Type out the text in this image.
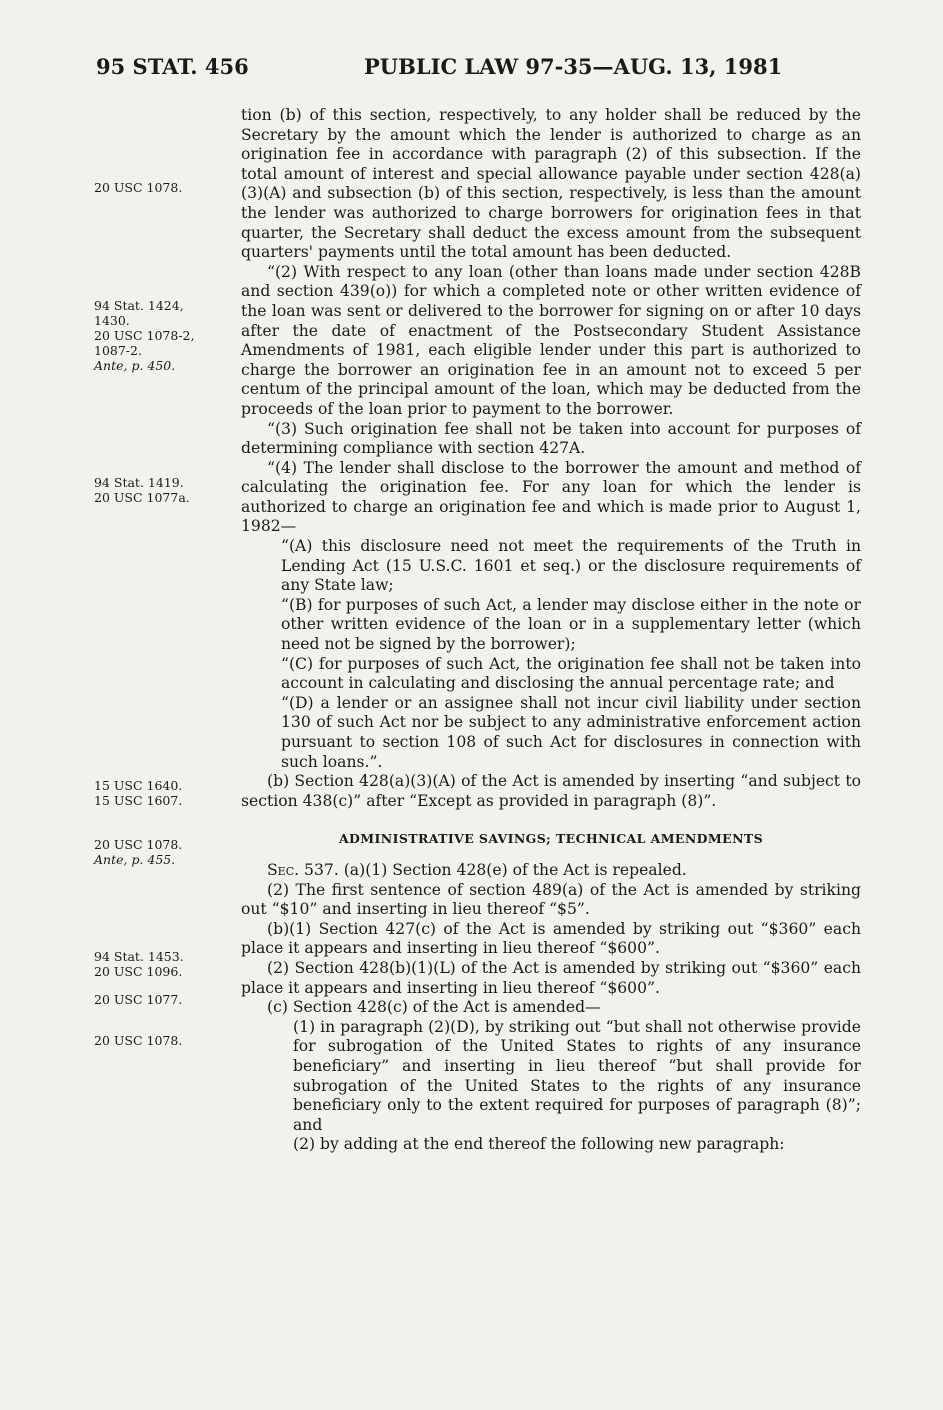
95 STAT. 456	PUBLIC LAW 97-35—AUG. 13, 1981
20 USC 1078.
94 Stat. 1424,
1430.
20 USC 1078-2,
1087-2.
Ante, p. 450.
94 Stat. 1419.
20 USC 1077a.
15 USC 1640.
15 USC 1607.
20 USC 1078.
Ante, p. 455.
94 Stat. 1453.
20 USC 1096.
20 USC 1077.
20 USC 1078.

tion (b) of this section, respectively, to any holder shall be reduced by the Secretary by the amount which the lender is authorized to charge as an origination fee in accordance with paragraph (2) of this subsection. If the total amount of interest and special allowance payable under section 428(a)(3)(A) and subsection (b) of this section, respectively, is less than the amount the lender was authorized to charge borrowers for origination fees in that quarter, the Secretary shall deduct the excess amount from the subsequent quarters' payments until the total amount has been deducted.

“(2) With respect to any loan (other than loans made under section 428B and section 439(o)) for which a completed note or other written evidence of the loan was sent or delivered to the borrower for signing on or after 10 days after the date of enactment of the Postsecondary Student Assistance Amendments of 1981, each eligible lender under this part is authorized to charge the borrower an origination fee in an amount not to exceed 5 per centum of the principal amount of the loan, which may be deducted from the proceeds of the loan prior to payment to the borrower.

“(3) Such origination fee shall not be taken into account for purposes of determining compliance with section 427A.

“(4) The lender shall disclose to the borrower the amount and method of calculating the origination fee. For any loan for which the lender is authorized to charge an origination fee and which is made prior to August 1, 1982—

“(A) this disclosure need not meet the requirements of the Truth in Lending Act (15 U.S.C. 1601 et seq.) or the disclosure requirements of any State law;

“(B) for purposes of such Act, a lender may disclose either in the note or other written evidence of the loan or in a supplementary letter (which need not be signed by the borrower);

“(C) for purposes of such Act, the origination fee shall not be taken into account in calculating and disclosing the annual percentage rate; and

“(D) a lender or an assignee shall not incur civil liability under section 130 of such Act nor be subject to any administrative enforcement action pursuant to section 108 of such Act for disclosures in connection with such loans.”.

(b) Section 428(a)(3)(A) of the Act is amended by inserting “and subject to section 438(c)” after “Except as provided in paragraph (8)”.

ADMINISTRATIVE SAVINGS; TECHNICAL AMENDMENTS

Sec. 537. (a)(1) Section 428(e) of the Act is repealed.

(2) The first sentence of section 489(a) of the Act is amended by striking out “$10” and inserting in lieu thereof “$5”.

(b)(1) Section 427(c) of the Act is amended by striking out “$360” each place it appears and inserting in lieu thereof “$600”.

(2) Section 428(b)(1)(L) of the Act is amended by striking out “$360” each place it appears and inserting in lieu thereof “$600”.

(c) Section 428(c) of the Act is amended—

(1) in paragraph (2)(D), by striking out “but shall not otherwise provide for subrogation of the United States to rights of any insurance beneficiary” and inserting in lieu thereof “but shall provide for subrogation of the United States to the rights of any insurance beneficiary only to the extent required for purposes of paragraph (8)”; and

(2) by adding at the end thereof the following new paragraph:
